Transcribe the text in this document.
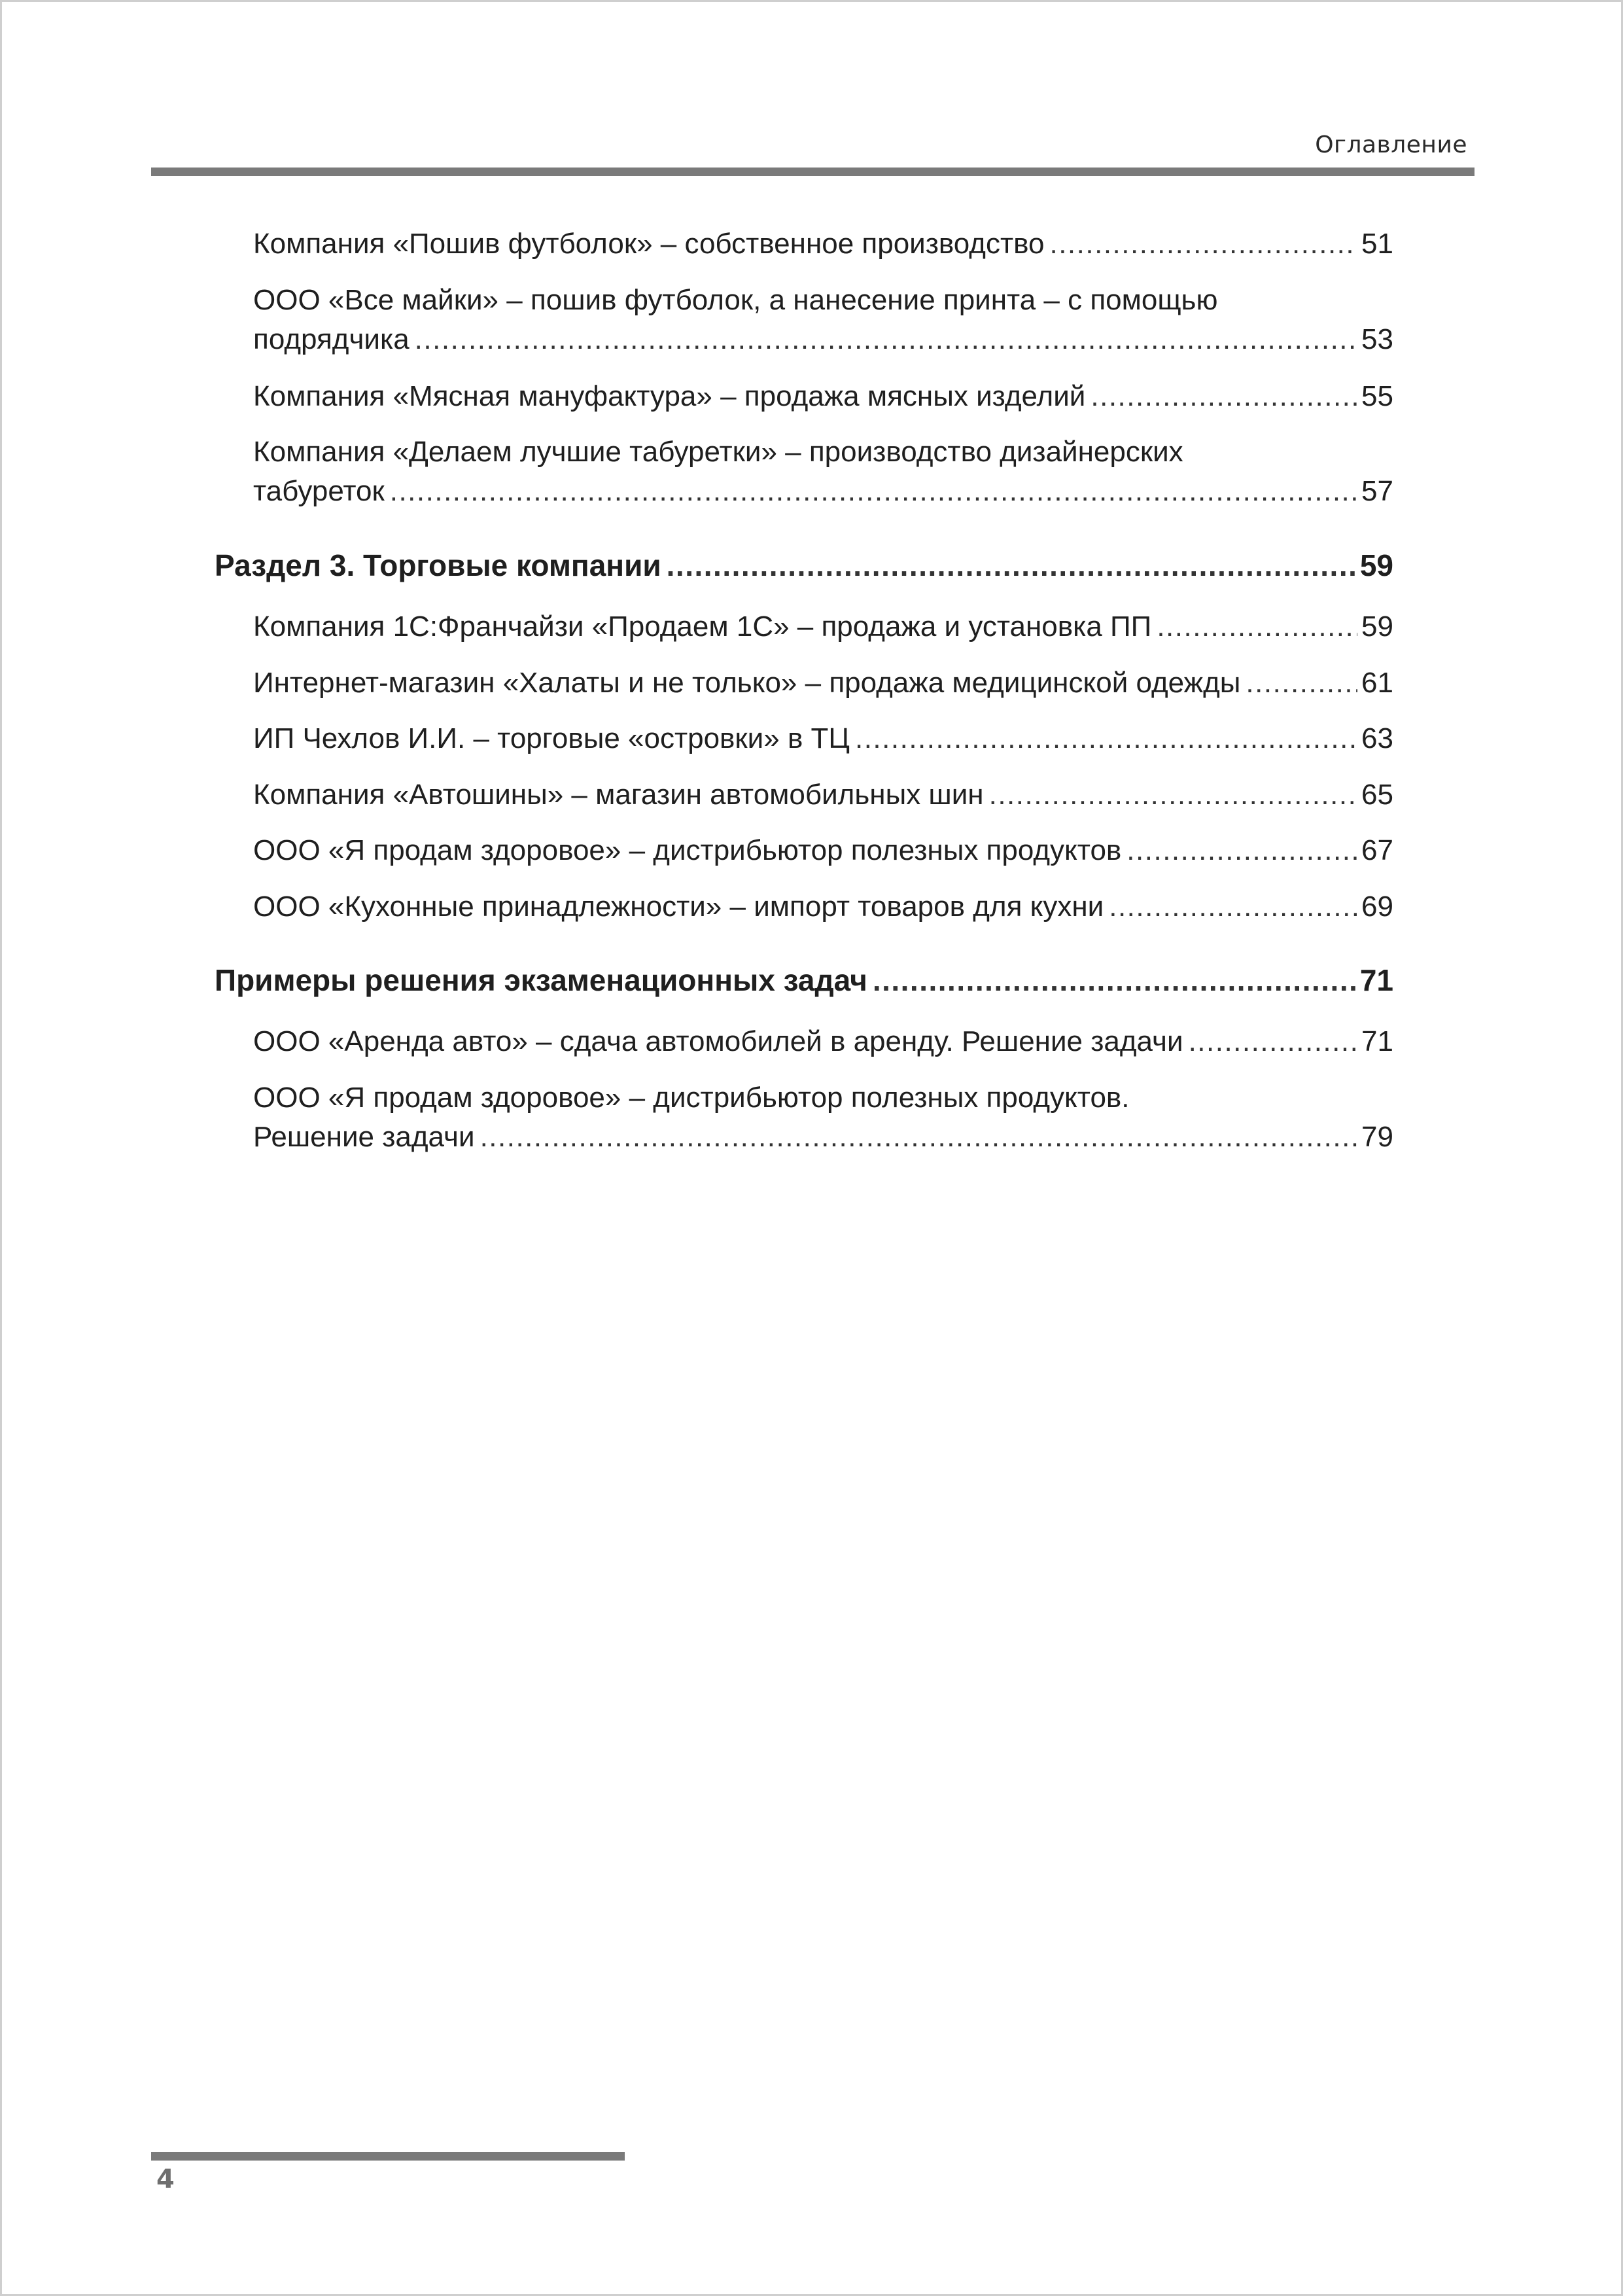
Оглавление
Компания «Пошив футболок» – собственное производство .....	51
ООО «Все майки» – пошив футболок, а нанесение принта – с помощью
подрядчика .....	53
Компания «Мясная мануфактура» – продажа мясных изделий .....	55
Компания «Делаем лучшие табуретки» – производство дизайнерских
табуреток .....	57
Раздел 3. Торговые компании .....	59
Компания 1С:Франчайзи «Продаем 1С» – продажа и установка ПП .....	59
Интернет-магазин «Халаты и не только» – продажа медицинской одежды .....	61
ИП Чехлов И.И. – торговые «островки» в ТЦ .....	63
Компания «Автошины» – магазин автомобильных шин .....	65
ООО «Я продам здоровое» – дистрибьютор полезных продуктов .....	67
ООО «Кухонные принадлежности» – импорт товаров для кухни .....	69
Примеры решения экзаменационных задач .....	71
ООО «Аренда авто» – сдача автомобилей в аренду. Решение задачи .....	71
ООО «Я продам здоровое» – дистрибьютор полезных продуктов.
Решение задачи .....	79
4
